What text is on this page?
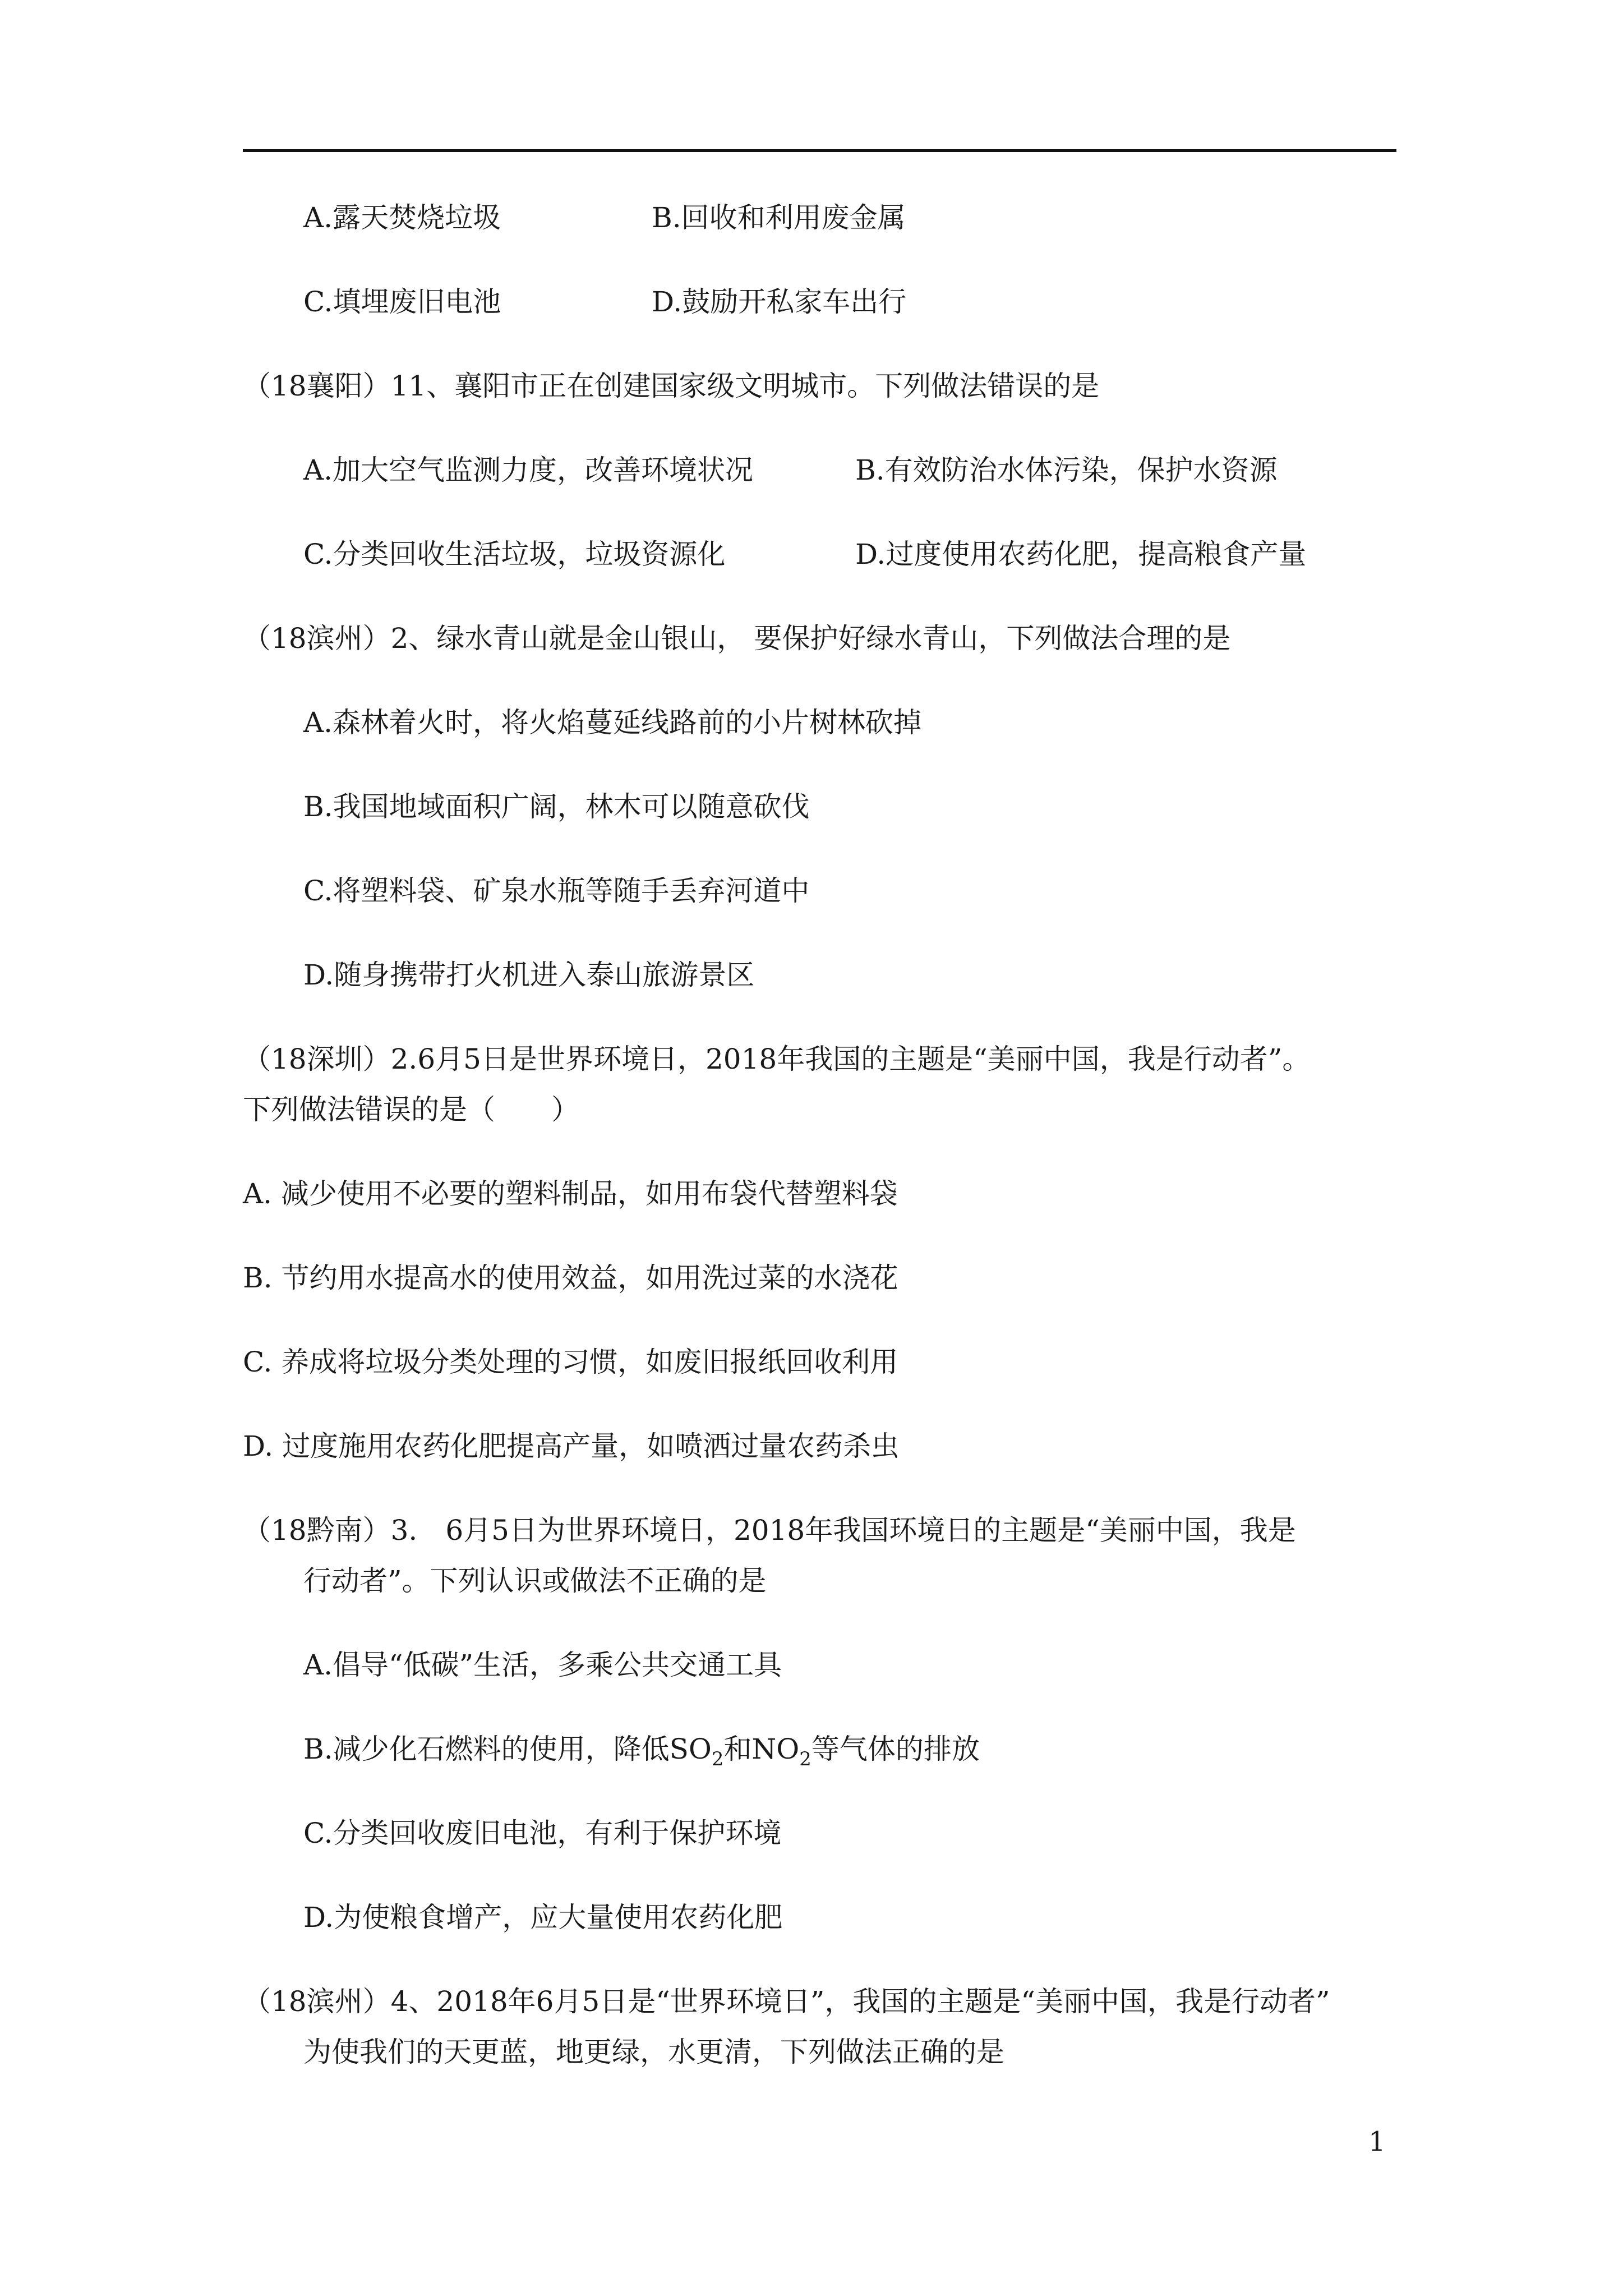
A.露天焚烧垃圾	B.回收和利用废金属
C.填埋废旧电池	D.鼓励开私家车出行
（18襄阳）11、襄阳市正在创建国家级文明城市。下列做法错误的是
A.加大空气监测力度，改善环境状况	B.有效防治水体污染，保护水资源
C.分类回收生活垃圾，垃圾资源化	D.过度使用农药化肥，提高粮食产量
（18滨州）2、绿水青山就是金山银山， 要保护好绿水青山，下列做法合理的是
A.森林着火时，将火焰蔓延线路前的小片树林砍掉
B.我国地域面积广阔，林木可以随意砍伐
C.将塑料袋、矿泉水瓶等随手丢弃河道中
D.随身携带打火机进入泰山旅游景区
（18深圳）2.6月5日是世界环境日，2018年我国的主题是“美丽中国，我是行动者”。
下列做法错误的是（　　）
A. 减少使用不必要的塑料制品，如用布袋代替塑料袋
B. 节约用水提高水的使用效益，如用洗过菜的水浇花
C. 养成将垃圾分类处理的习惯，如废旧报纸回收利用
D. 过度施用农药化肥提高产量，如喷洒过量农药杀虫
（18黔南）3.　6月5日为世界环境日，2018年我国环境日的主题是“美丽中国，我是
行动者”。下列认识或做法不正确的是
A.倡导“低碳”生活，多乘公共交通工具
B.减少化石燃料的使用，降低$SO_2$和$NO_2$等气体的排放
C.分类回收废旧电池，有利于保护环境
D.为使粮食增产，应大量使用农药化肥
（18滨州）4、2018年6月5日是“世界环境日”，我国的主题是“美丽中国，我是行动者”
为使我们的天更蓝，地更绿，水更清，下列做法正确的是
1
